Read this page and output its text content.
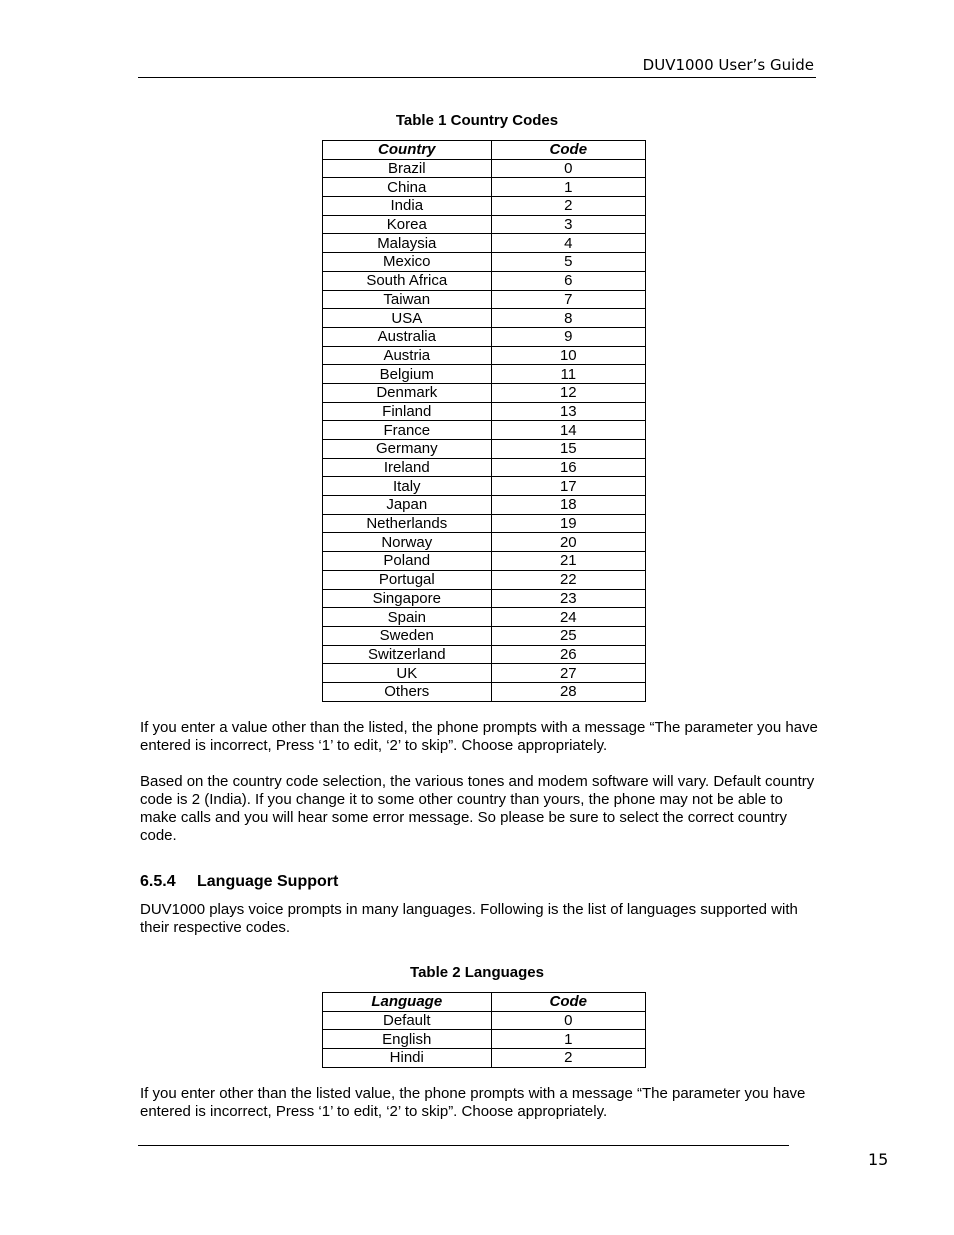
DUV1000 User’s Guide
Table 1 Country Codes
Country	Code
Brazil	0
China	1
India	2
Korea	3
Malaysia	4
Mexico	5
South Africa	6
Taiwan	7
USA	8
Australia	9
Austria	10
Belgium	11
Denmark	12
Finland	13
France	14
Germany	15
Ireland	16
Italy	17
Japan	18
Netherlands	19
Norway	20
Poland	21
Portugal	22
Singapore	23
Spain	24
Sweden	25
Switzerland	26
UK	27
Others	28
If you enter a value other than the listed, the phone prompts with a message “The parameter you have entered is incorrect, Press ‘1’ to edit, ‘2’ to skip”. Choose appropriately.
Based on the country code selection, the various tones and modem software will vary. Default country code is 2 (India). If you change it to some other country than yours, the phone may not be able to make calls and you will hear some error message. So please be sure to select the correct country code.
6.5.4 Language Support
DUV1000 plays voice prompts in many languages. Following is the list of languages supported with their respective codes.
Table 2 Languages
Language	Code
Default	0
English	1
Hindi	2
If you enter other than the listed value, the phone prompts with a message “The parameter you have entered is incorrect, Press ‘1’ to edit, ‘2’ to skip”. Choose appropriately.
15
